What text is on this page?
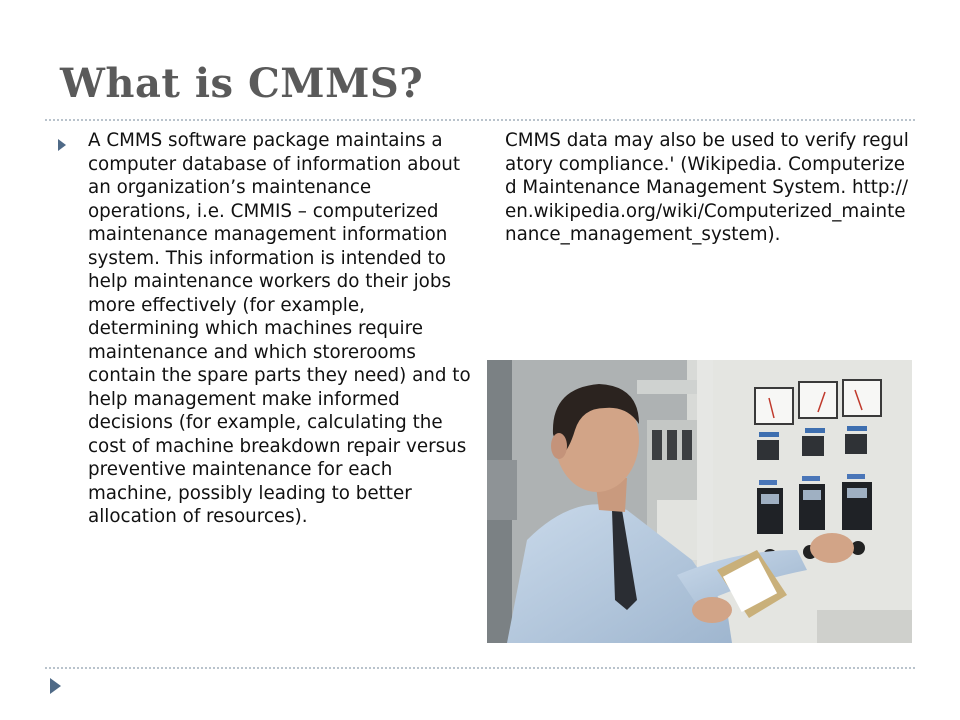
What is CMMS?

A CMMS software package maintains a computer database of information about an organization’s maintenance operations, i.e. CMMIS – computerized maintenance management information system. This information is intended to help maintenance workers do their jobs more effectively (for example, determining which machines require maintenance and which storerooms contain the spare parts they need) and to help management make informed decisions (for example, calculating the cost of machine breakdown repair versus preventive maintenance for each machine, possibly leading to better allocation of resources).

CMMS data may also be used to verify regulatory compliance.' (Wikipedia. Computerized Maintenance Management System. http://en.wikipedia.org/wiki/Computerized_maintenance_management_system).
